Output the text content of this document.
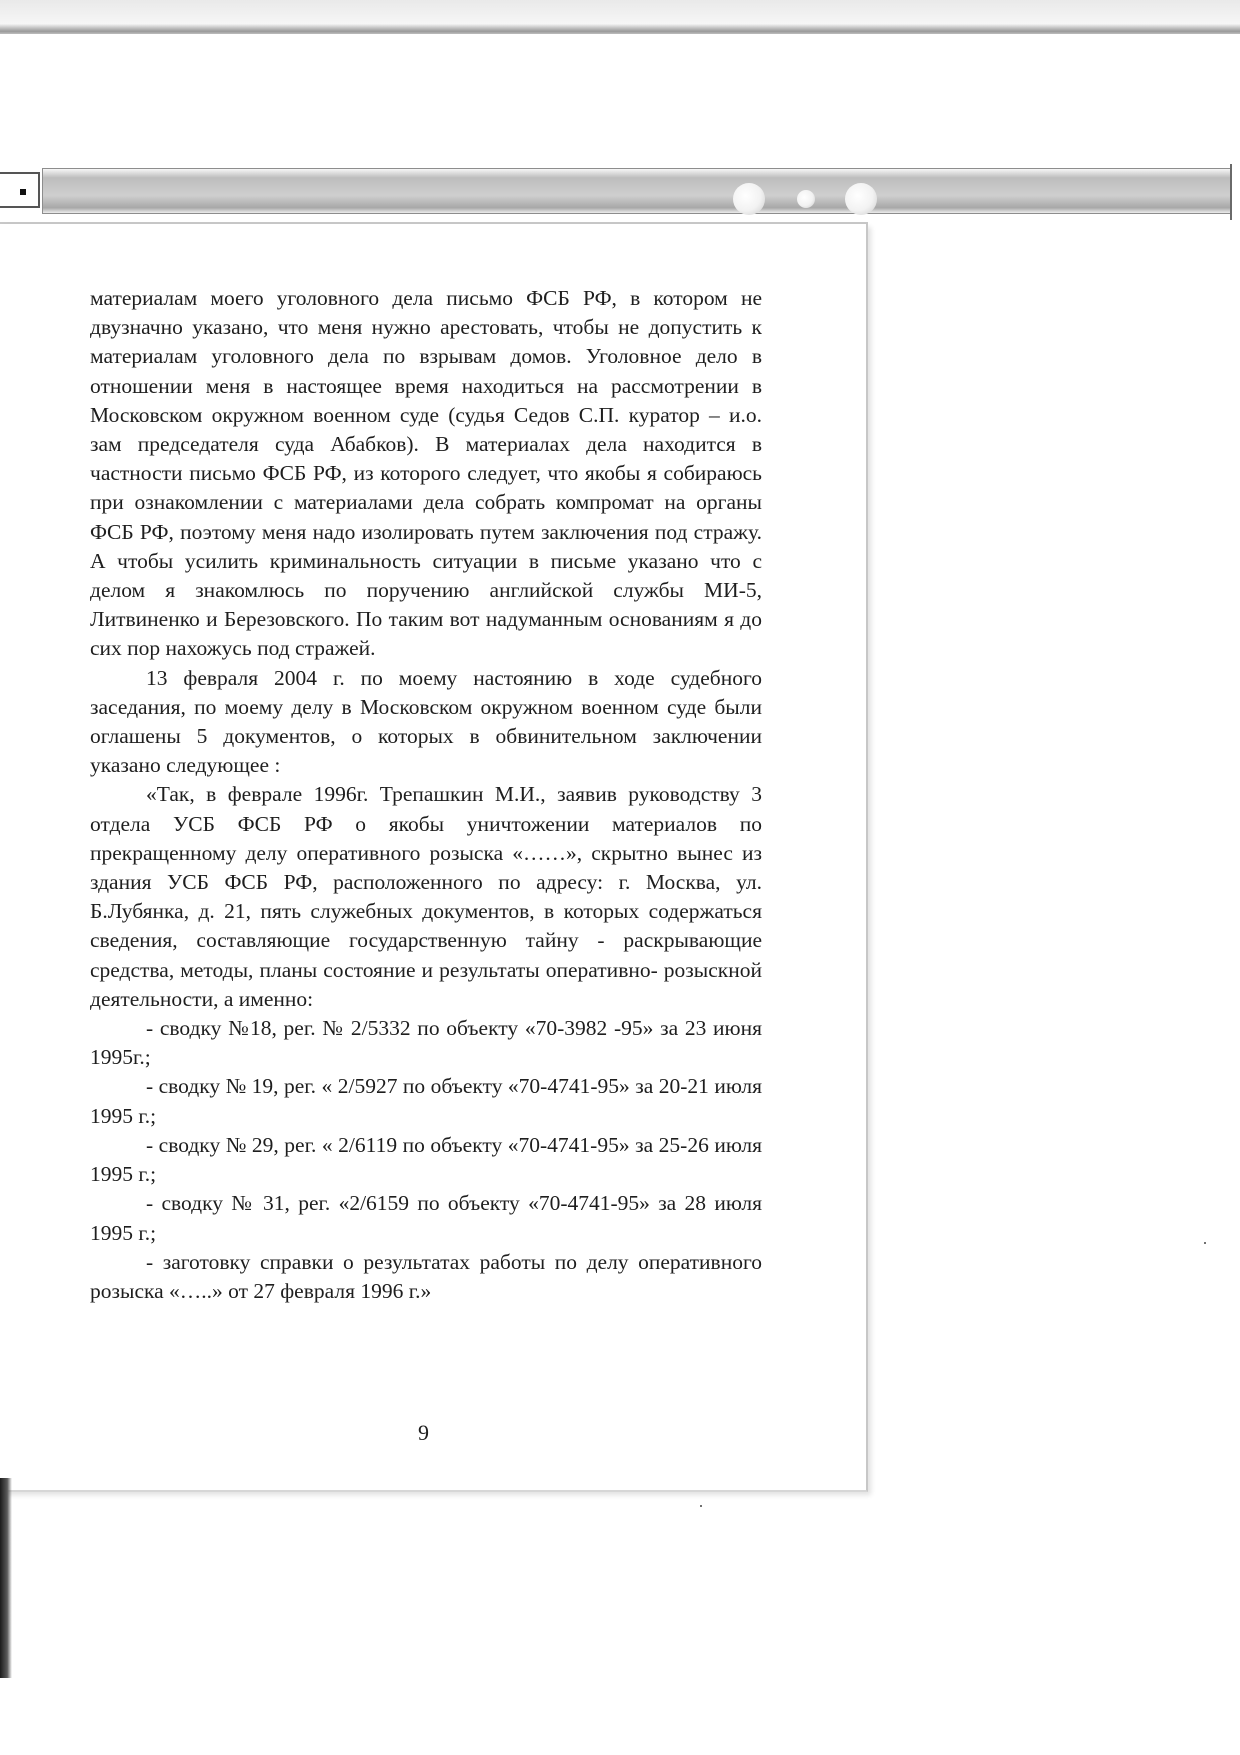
материалам моего уголовного дела письмо ФСБ РФ, в котором не двузначно указано, что меня нужно арестовать, чтобы не допустить к материалам уголовного дела по взрывам домов. Уголовное дело в отношении меня в настоящее время находиться на рассмотрении в Московском окружном военном суде (судья Седов С.П. куратор – и.о. зам председателя суда Абабков). В материалах дела находится в частности письмо ФСБ РФ, из которого следует, что якобы я собираюсь при ознакомлении с материалами дела собрать компромат на органы ФСБ РФ, поэтому меня надо изолировать путем заключения под стражу. А чтобы усилить криминальность ситуации в письме указано что с делом я знакомлюсь по поручению английской службы МИ-5, Литвиненко и Березовского. По таким вот надуманным основаниям я до сих пор нахожусь под стражей.

13 февраля 2004 г. по моему настоянию в ходе судебного заседания, по моему делу в Московском окружном военном суде были оглашены 5 документов, о которых в обвинительном заключении указано следующее :

«Так, в феврале 1996г. Трепашкин М.И., заявив руководству 3 отдела УСБ ФСБ РФ о якобы уничтожении материалов по прекращенному делу оперативного розыска «……», скрытно вынес из здания УСБ ФСБ РФ, расположенного по адресу: г. Москва, ул. Б.Лубянка, д. 21, пять служебных документов, в которых содержаться сведения, составляющие государственную тайну - раскрывающие средства, методы, планы состояние и результаты оперативно- розыскной деятельности, а именно:

- сводку №18, рег. № 2/5332 по объекту «70-3982 -95» за 23 июня 1995г.;

- сводку № 19, рег. « 2/5927 по объекту «70-4741-95» за 20-21 июля 1995 г.;

- сводку № 29, рег. « 2/6119 по объекту «70-4741-95» за 25-26 июля 1995 г.;

- сводку № 31, рег. «2/6159 по объекту «70-4741-95» за 28 июля 1995 г.;

- заготовку справки о результатах работы по делу оперативного розыска «…..» от 27 февраля 1996 г.»

9
